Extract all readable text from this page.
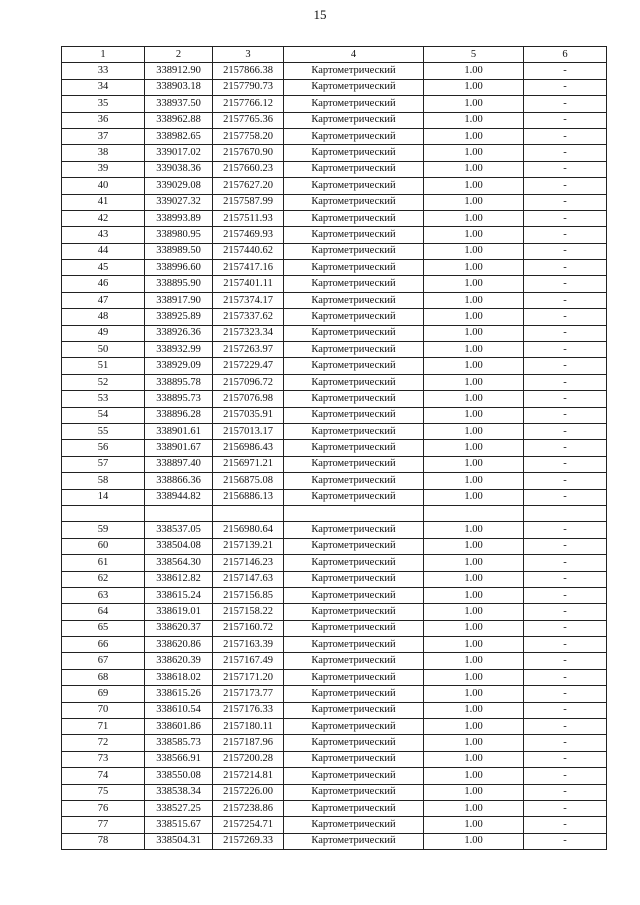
15
1	2	3	4	5	6
33	338912.90	2157866.38	Картометрический	1.00	-
34	338903.18	2157790.73	Картометрический	1.00	-
35	338937.50	2157766.12	Картометрический	1.00	-
36	338962.88	2157765.36	Картометрический	1.00	-
37	338982.65	2157758.20	Картометрический	1.00	-
38	339017.02	2157670.90	Картометрический	1.00	-
39	339038.36	2157660.23	Картометрический	1.00	-
40	339029.08	2157627.20	Картометрический	1.00	-
41	339027.32	2157587.99	Картометрический	1.00	-
42	338993.89	2157511.93	Картометрический	1.00	-
43	338980.95	2157469.93	Картометрический	1.00	-
44	338989.50	2157440.62	Картометрический	1.00	-
45	338996.60	2157417.16	Картометрический	1.00	-
46	338895.90	2157401.11	Картометрический	1.00	-
47	338917.90	2157374.17	Картометрический	1.00	-
48	338925.89	2157337.62	Картометрический	1.00	-
49	338926.36	2157323.34	Картометрический	1.00	-
50	338932.99	2157263.97	Картометрический	1.00	-
51	338929.09	2157229.47	Картометрический	1.00	-
52	338895.78	2157096.72	Картометрический	1.00	-
53	338895.73	2157076.98	Картометрический	1.00	-
54	338896.28	2157035.91	Картометрический	1.00	-
55	338901.61	2157013.17	Картометрический	1.00	-
56	338901.67	2156986.43	Картометрический	1.00	-
57	338897.40	2156971.21	Картометрический	1.00	-
58	338866.36	2156875.08	Картометрический	1.00	-
14	338944.82	2156886.13	Картометрический	1.00	-

59	338537.05	2156980.64	Картометрический	1.00	-
60	338504.08	2157139.21	Картометрический	1.00	-
61	338564.30	2157146.23	Картометрический	1.00	-
62	338612.82	2157147.63	Картометрический	1.00	-
63	338615.24	2157156.85	Картометрический	1.00	-
64	338619.01	2157158.22	Картометрический	1.00	-
65	338620.37	2157160.72	Картометрический	1.00	-
66	338620.86	2157163.39	Картометрический	1.00	-
67	338620.39	2157167.49	Картометрический	1.00	-
68	338618.02	2157171.20	Картометрический	1.00	-
69	338615.26	2157173.77	Картометрический	1.00	-
70	338610.54	2157176.33	Картометрический	1.00	-
71	338601.86	2157180.11	Картометрический	1.00	-
72	338585.73	2157187.96	Картометрический	1.00	-
73	338566.91	2157200.28	Картометрический	1.00	-
74	338550.08	2157214.81	Картометрический	1.00	-
75	338538.34	2157226.00	Картометрический	1.00	-
76	338527.25	2157238.86	Картометрический	1.00	-
77	338515.67	2157254.71	Картометрический	1.00	-
78	338504.31	2157269.33	Картометрический	1.00	-
